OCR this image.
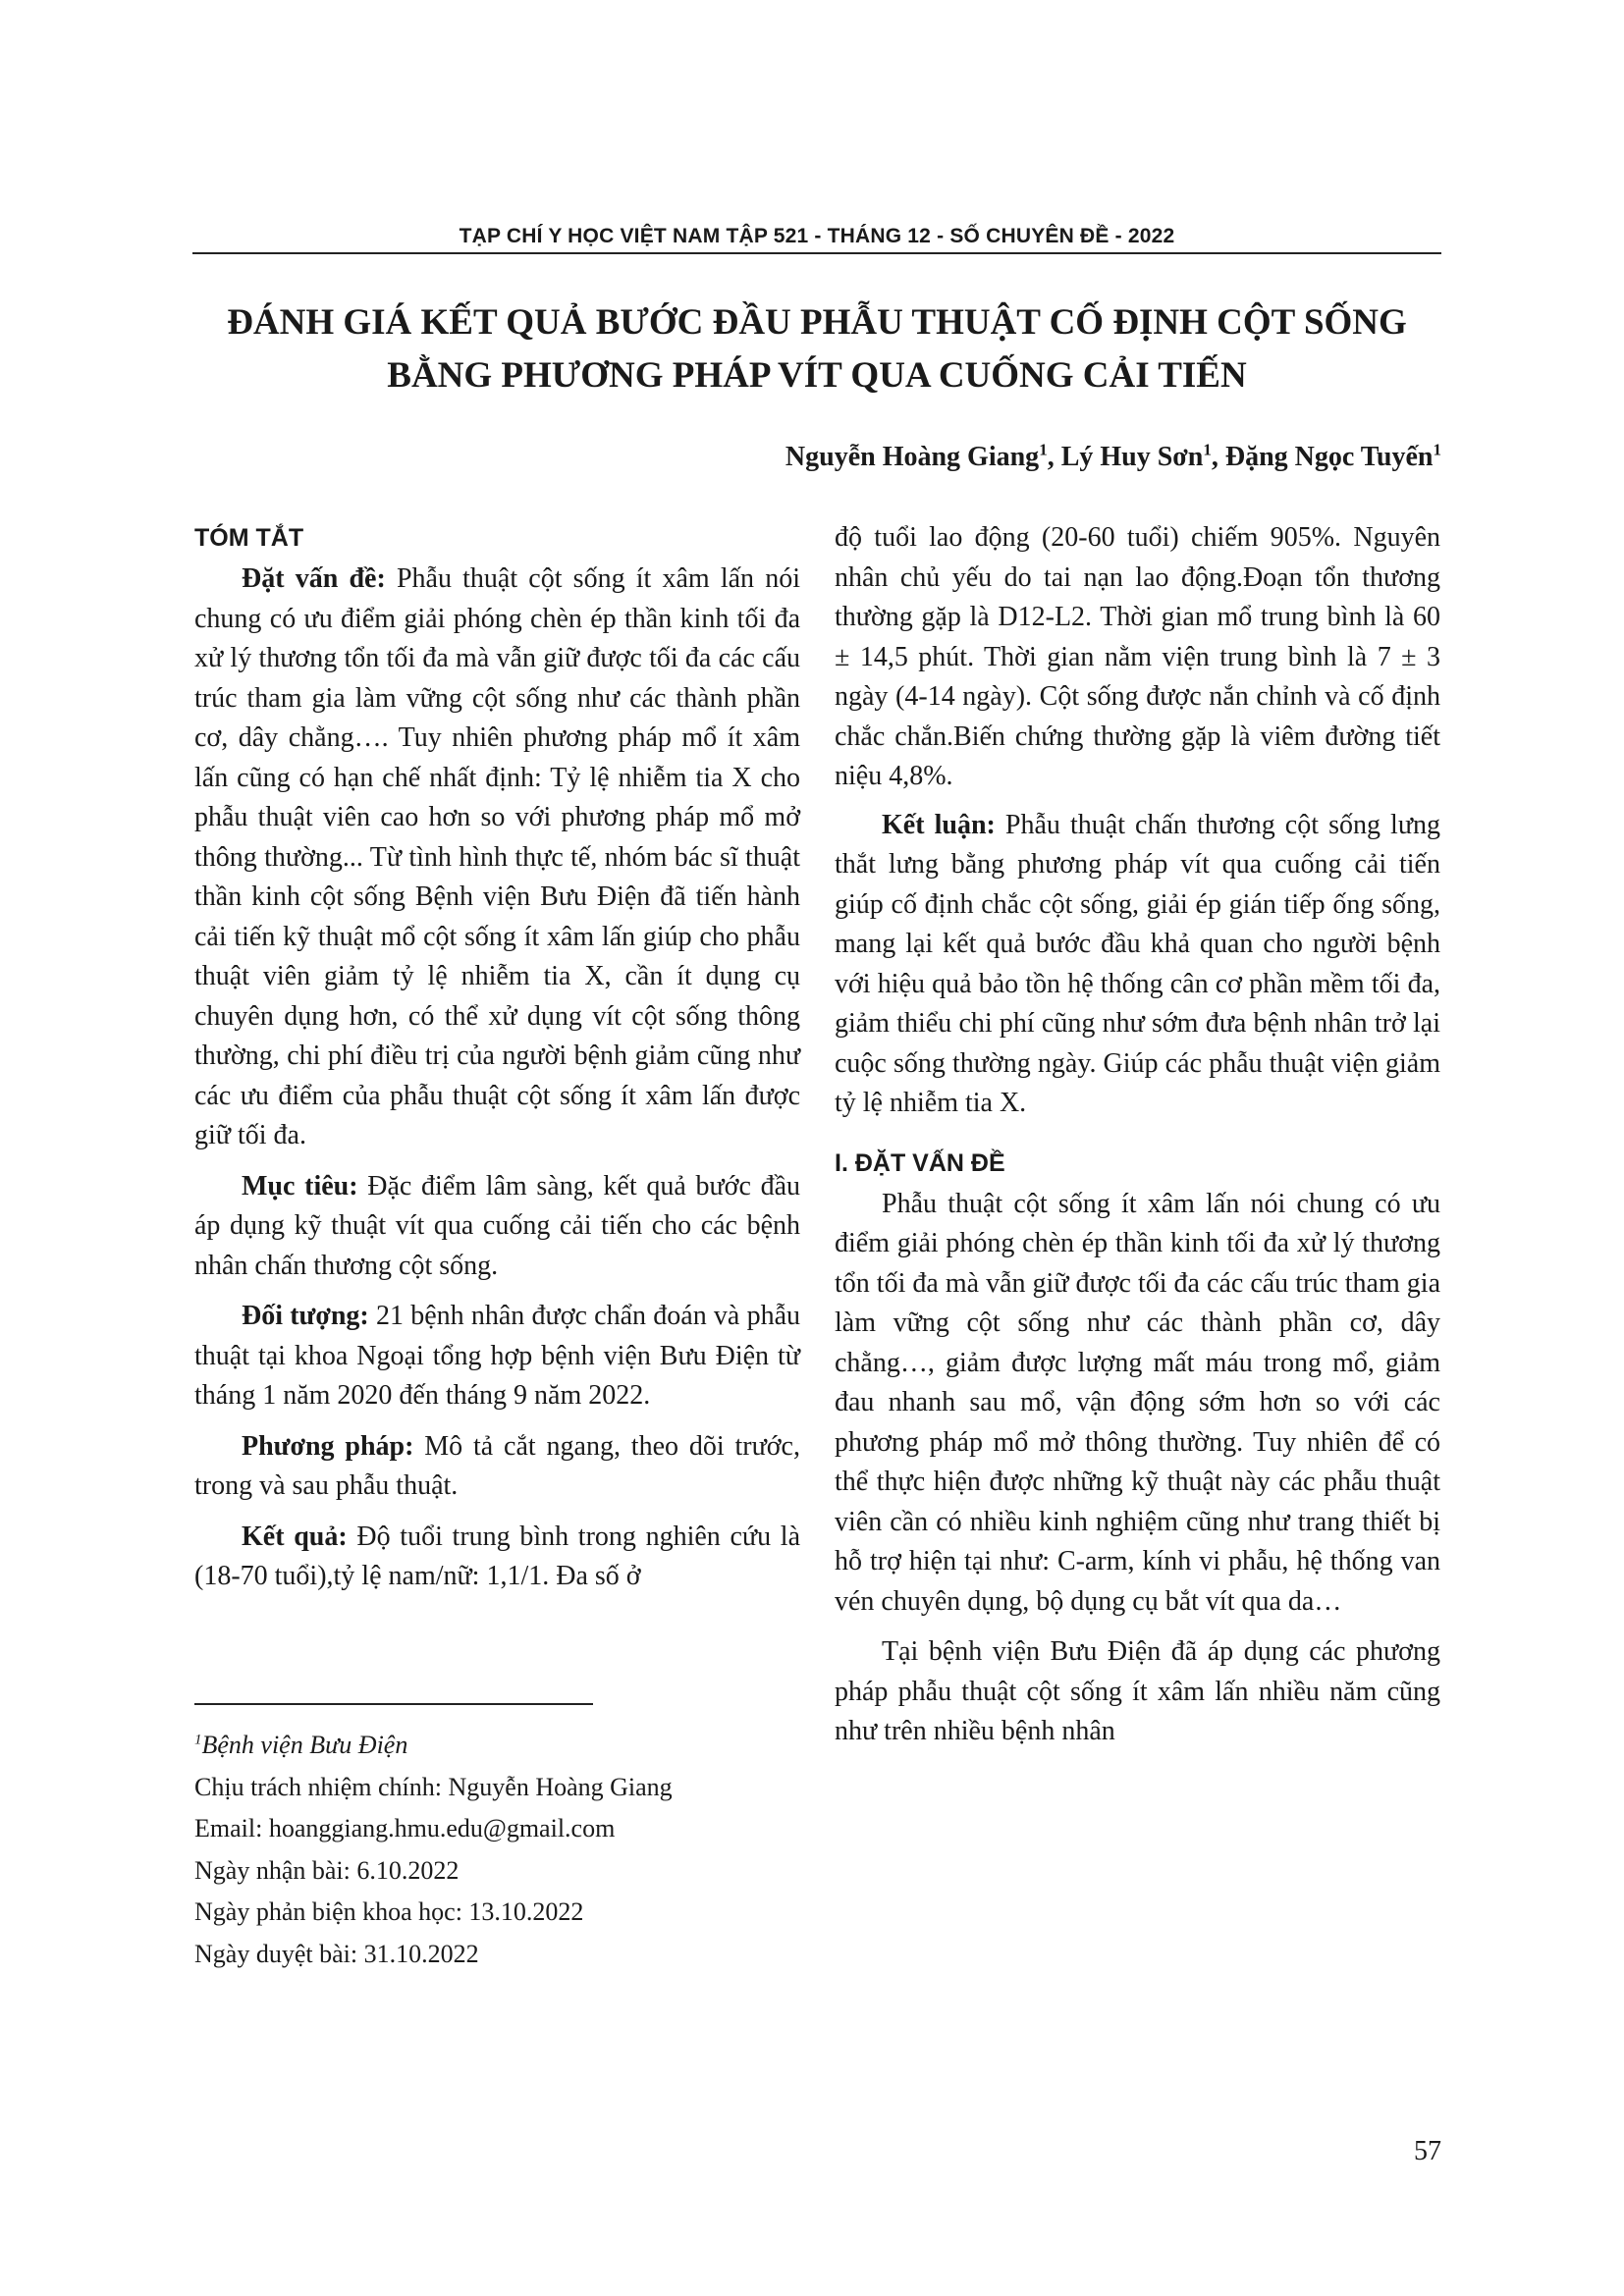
TẠP CHÍ Y HỌC VIỆT NAM TẬP 521 - THÁNG 12 - SỐ CHUYÊN ĐỀ - 2022
ĐÁNH GIÁ KẾT QUẢ BƯỚC ĐẦU PHẪU THUẬT CỐ ĐỊNH CỘT SỐNG
BẰNG PHƯƠNG PHÁP VÍT QUA CUỐNG CẢI TIẾN
Nguyễn Hoàng Giang$^1$, Lý Huy Sơn$^1$, Đặng Ngọc Tuyến$^1$
TÓM TẮT

Đặt vấn đề: Phẫu thuật cột sống ít xâm lấn nói chung có ưu điểm giải phóng chèn ép thần kinh tối đa xử lý thương tổn tối đa mà vẫn giữ được tối đa các cấu trúc tham gia làm vững cột sống như các thành phần cơ, dây chằng…. Tuy nhiên phương pháp mổ ít xâm lấn cũng có hạn chế nhất định: Tỷ lệ nhiễm tia X cho phẫu thuật viên cao hơn so với phương pháp mổ mở thông thường... Từ tình hình thực tế, nhóm bác sĩ thuật thần kinh cột sống Bệnh viện Bưu Điện đã tiến hành cải tiến kỹ thuật mổ cột sống ít xâm lấn giúp cho phẫu thuật viên giảm tỷ lệ nhiễm tia X, cần ít dụng cụ chuyên dụng hơn, có thể xử dụng vít cột sống thông thường, chi phí điều trị của người bệnh giảm cũng như các ưu điểm của phẫu thuật cột sống ít xâm lấn được giữ tối đa.

Mục tiêu: Đặc điểm lâm sàng, kết quả bước đầu áp dụng kỹ thuật vít qua cuống cải tiến cho các bệnh nhân chấn thương cột sống.

Đối tượng: 21 bệnh nhân được chẩn đoán và phẫu thuật tại khoa Ngoại tổng hợp bệnh viện Bưu Điện từ tháng 1 năm 2020 đến tháng 9 năm 2022.

Phương pháp: Mô tả cắt ngang, theo dõi trước, trong và sau phẫu thuật.

Kết quả: Độ tuổi trung bình trong nghiên cứu là (18-70 tuổi),tỷ lệ nam/nữ: 1,1/1. Đa số ở

$^1$Bệnh viện Bưu Điện
Chịu trách nhiệm chính: Nguyễn Hoàng Giang
Email: hoanggiang.hmu.edu@gmail.com
Ngày nhận bài: 6.10.2022
Ngày phản biện khoa học: 13.10.2022
Ngày duyệt bài: 31.10.2022

độ tuổi lao động (20-60 tuổi) chiếm 905%. Nguyên nhân chủ yếu do tai nạn lao động.Đoạn tổn thương thường gặp là D12-L2. Thời gian mổ trung bình là 60 ± 14,5 phút. Thời gian nằm viện trung bình là 7 ± 3 ngày (4-14 ngày). Cột sống được nắn chỉnh và cố định chắc chắn.Biến chứng thường gặp là viêm đường tiết niệu 4,8%.

Kết luận: Phẫu thuật chấn thương cột sống lưng thắt lưng bằng phương pháp vít qua cuống cải tiến giúp cố định chắc cột sống, giải ép gián tiếp ống sống, mang lại kết quả bước đầu khả quan cho người bệnh với hiệu quả bảo tồn hệ thống cân cơ phần mềm tối đa, giảm thiểu chi phí cũng như sớm đưa bệnh nhân trở lại cuộc sống thường ngày. Giúp các phẫu thuật viện giảm tỷ lệ nhiễm tia X.

I. ĐẶT VẤN ĐỀ

Phẫu thuật cột sống ít xâm lấn nói chung có ưu điểm giải phóng chèn ép thần kinh tối đa xử lý thương tổn tối đa mà vẫn giữ được tối đa các cấu trúc tham gia làm vững cột sống như các thành phần cơ, dây chằng…, giảm được lượng mất máu trong mổ, giảm đau nhanh sau mổ, vận động sớm hơn so với các phương pháp mổ mở thông thường. Tuy nhiên để có thể thực hiện được những kỹ thuật này các phẫu thuật viên cần có nhiều kinh nghiệm cũng như trang thiết bị hỗ trợ hiện tại như: C-arm, kính vi phẫu, hệ thống van vén chuyên dụng, bộ dụng cụ bắt vít qua da…

Tại bệnh viện Bưu Điện đã áp dụng các phương pháp phẫu thuật cột sống ít xâm lấn nhiều năm cũng như trên nhiều bệnh nhân

57
